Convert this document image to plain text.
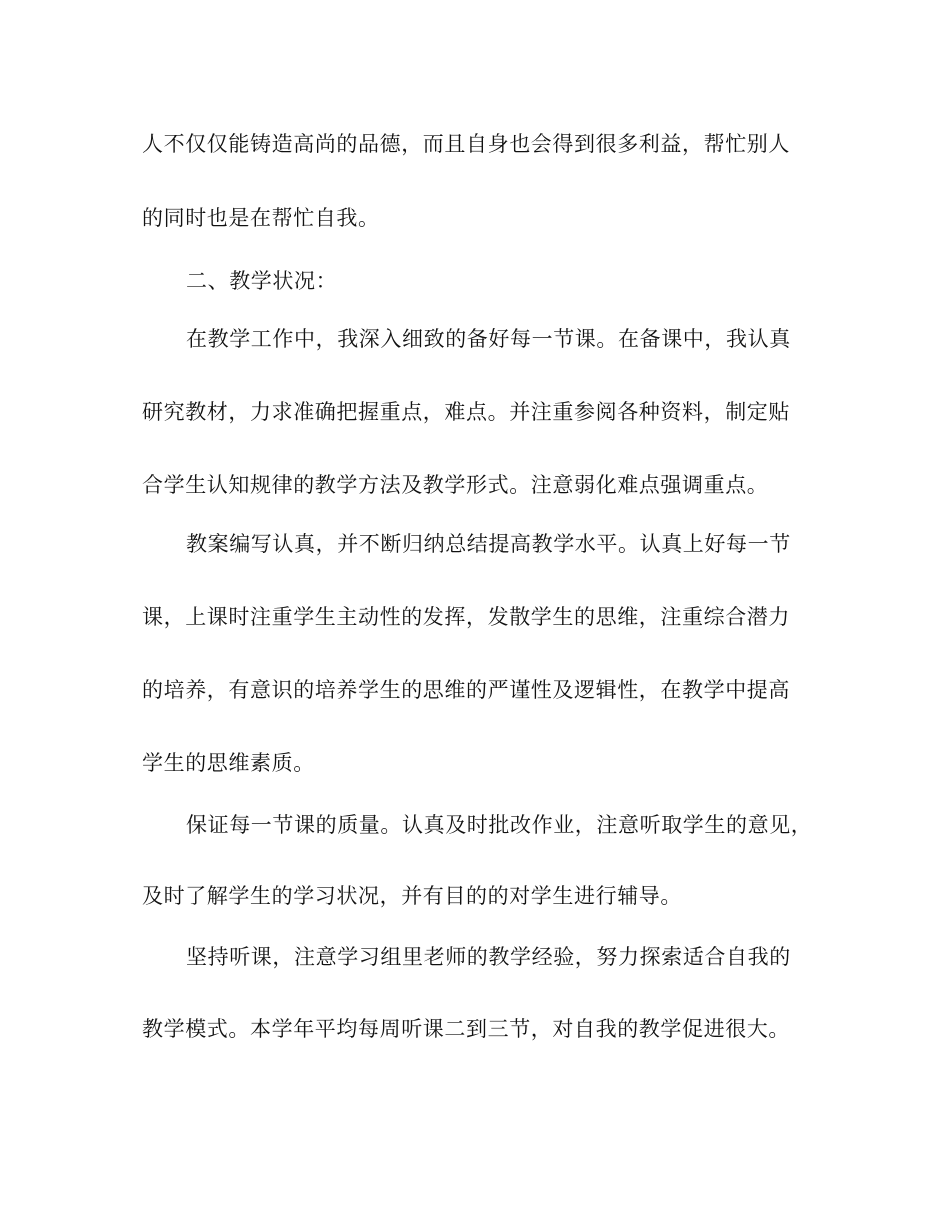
人不仅仅能铸造高尚的品德，而且自身也会得到很多利益，帮忙别人
的同时也是在帮忙自我。
二、教学状况：
在教学工作中，我深入细致的备好每一节课。在备课中，我认真
研究教材，力求准确把握重点，难点。并注重参阅各种资料，制定贴
合学生认知规律的教学方法及教学形式。注意弱化难点强调重点。
教案编写认真，并不断归纳总结提高教学水平。认真上好每一节
课，上课时注重学生主动性的发挥，发散学生的思维，注重综合潜力
的培养，有意识的培养学生的思维的严谨性及逻辑性，在教学中提高
学生的思维素质。
保证每一节课的质量。认真及时批改作业，注意听取学生的意见，
及时了解学生的学习状况，并有目的的对学生进行辅导。
坚持听课，注意学习组里老师的教学经验，努力探索适合自我的
教学模式。本学年平均每周听课二到三节，对自我的教学促进很大。
